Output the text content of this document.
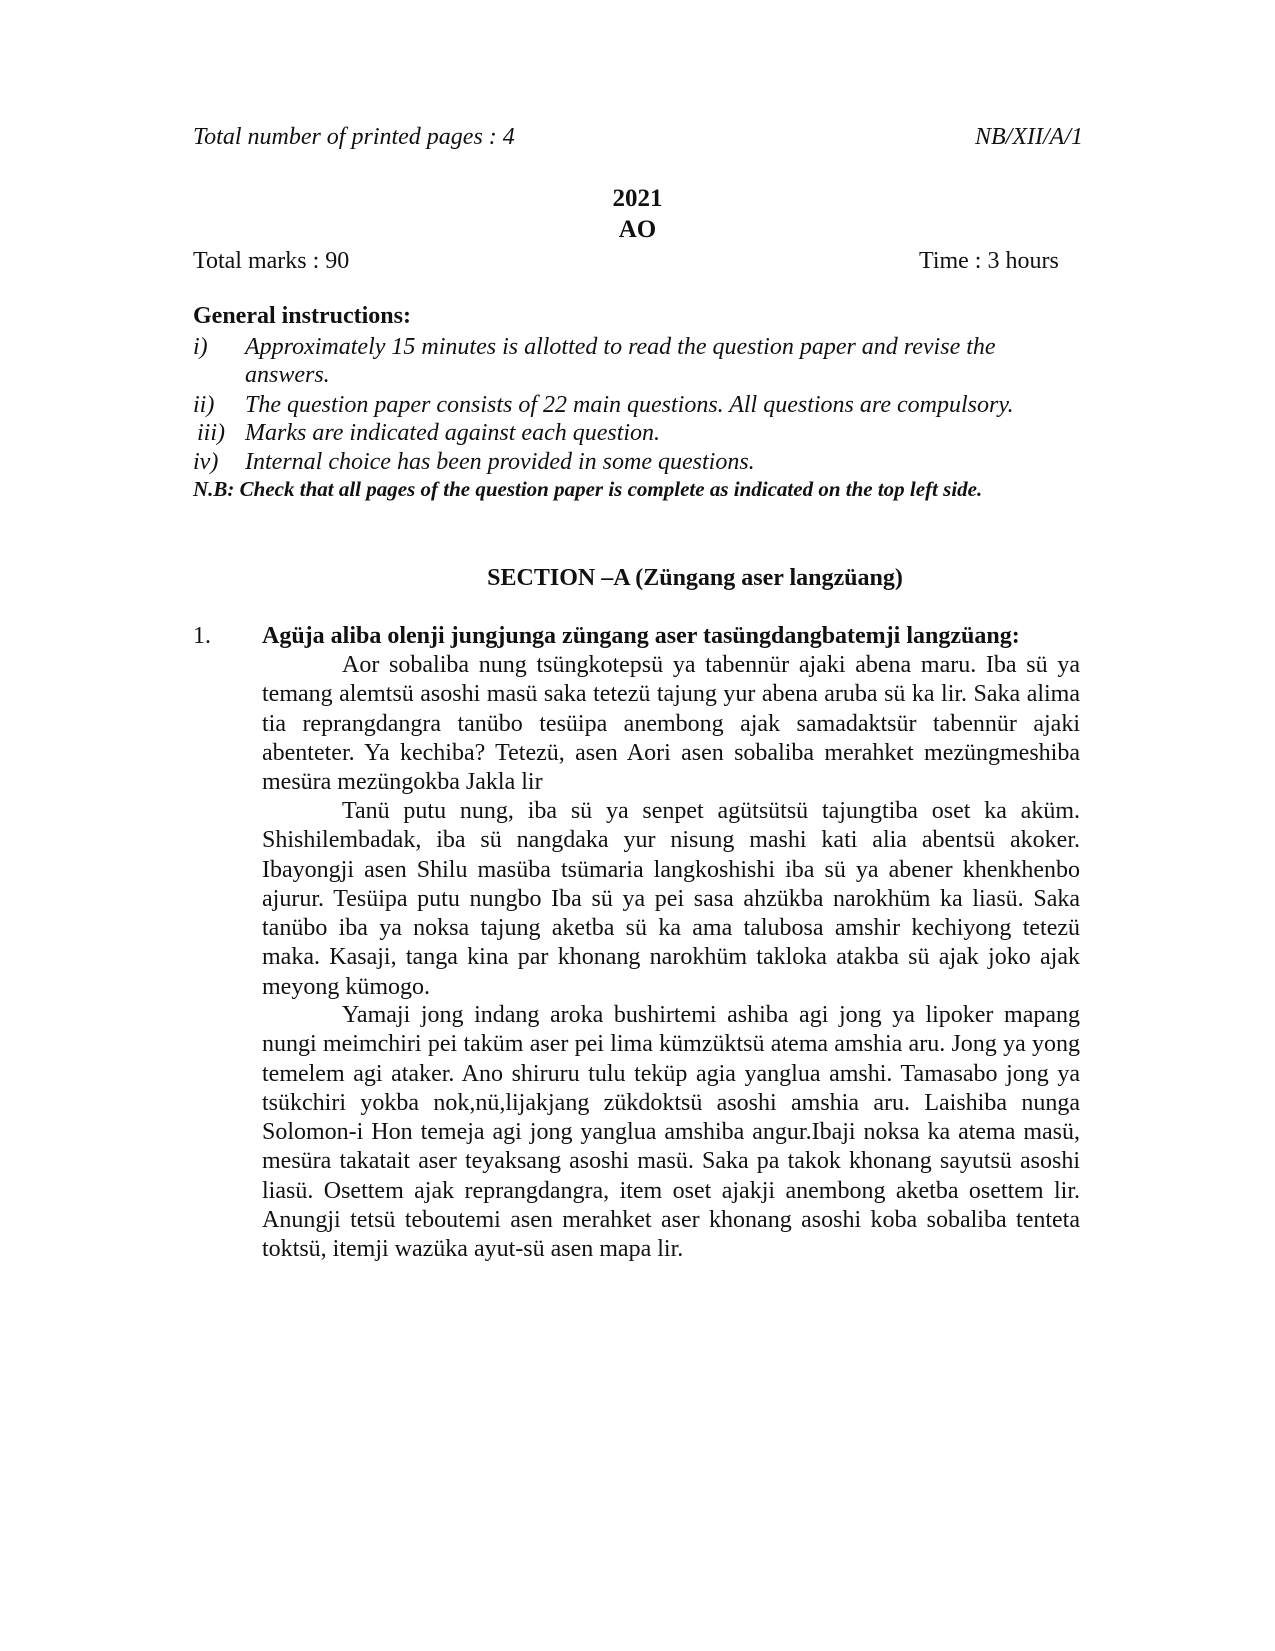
Total number of printed pages : 4	NB/XII/A/1
2021
AO
Total marks : 90	Time : 3 hours
General instructions:
i) Approximately 15 minutes is allotted to read the question paper and revise the answers.
ii) The question paper consists of 22 main questions. All questions are compulsory.
iii) Marks are indicated against each question.
iv) Internal choice has been provided in some questions.
N.B: Check that all pages of the question paper is complete as indicated on the top left side.
SECTION –A (Züngang aser langzüang)
1. Agüja aliba olenji jungjunga züngang aser tasüngdangbatemji langzüang:

Aor sobaliba nung tsüngkotepsü ya tabennür ajaki abena maru. Iba sü ya temang alemtsü asoshi masü saka tetezü tajung yur abena aruba sü ka lir. Saka alima tia reprangdangra tanübo tesüipa anembong ajak samadaktsür tabennür ajaki abenteter. Ya kechiba? Tetezü, asen Aori asen sobaliba merahket mezüngmeshiba mesüra mezüngokba Jakla lir

Tanü putu nung, iba sü ya senpet agütsütsü tajungtiba oset ka aküm. Shishilembadak, iba sü nangdaka yur nisung mashi kati alia abentsü akoker. Ibayongji asen Shilu masüba tsümaria langkoshishi iba sü ya abener khenkhenbo ajurur. Tesüipa putu nungbo Iba sü ya pei sasa ahzükba narokhüm ka liasü. Saka tanübo iba ya noksa tajung aketba sü ka ama talubosa amshir kechiyong tetezü maka. Kasaji, tanga kina par khonang narokhüm takloka atakba sü ajak joko ajak meyong kümogo.

Yamaji jong indang aroka bushirtemi ashiba agi jong ya lipoker mapang nungi meimchiri pei taküm aser pei lima kümzüktsü atema amshia aru. Jong ya yong temelem agi ataker. Ano shiruru tulu teküp agia yanglua amshi. Tamasabo jong ya tsükchiri yokba nok,nü,lijakjang zükdoktsü asoshi amshia aru. Laishiba nunga Solomon-i Hon temeja agi jong yanglua amshiba angur.Ibaji noksa ka atema masü, mesüra takatait aser teyaksang asoshi masü. Saka pa takok khonang sayutsü asoshi liasü. Osettem ajak reprangdangra, item oset ajakji anembong aketba osettem lir. Anungji tetsü teboutemi asen merahket aser khonang asoshi koba sobaliba tenteta toktsü, itemji wazüka ayut-sü asen mapa lir.
